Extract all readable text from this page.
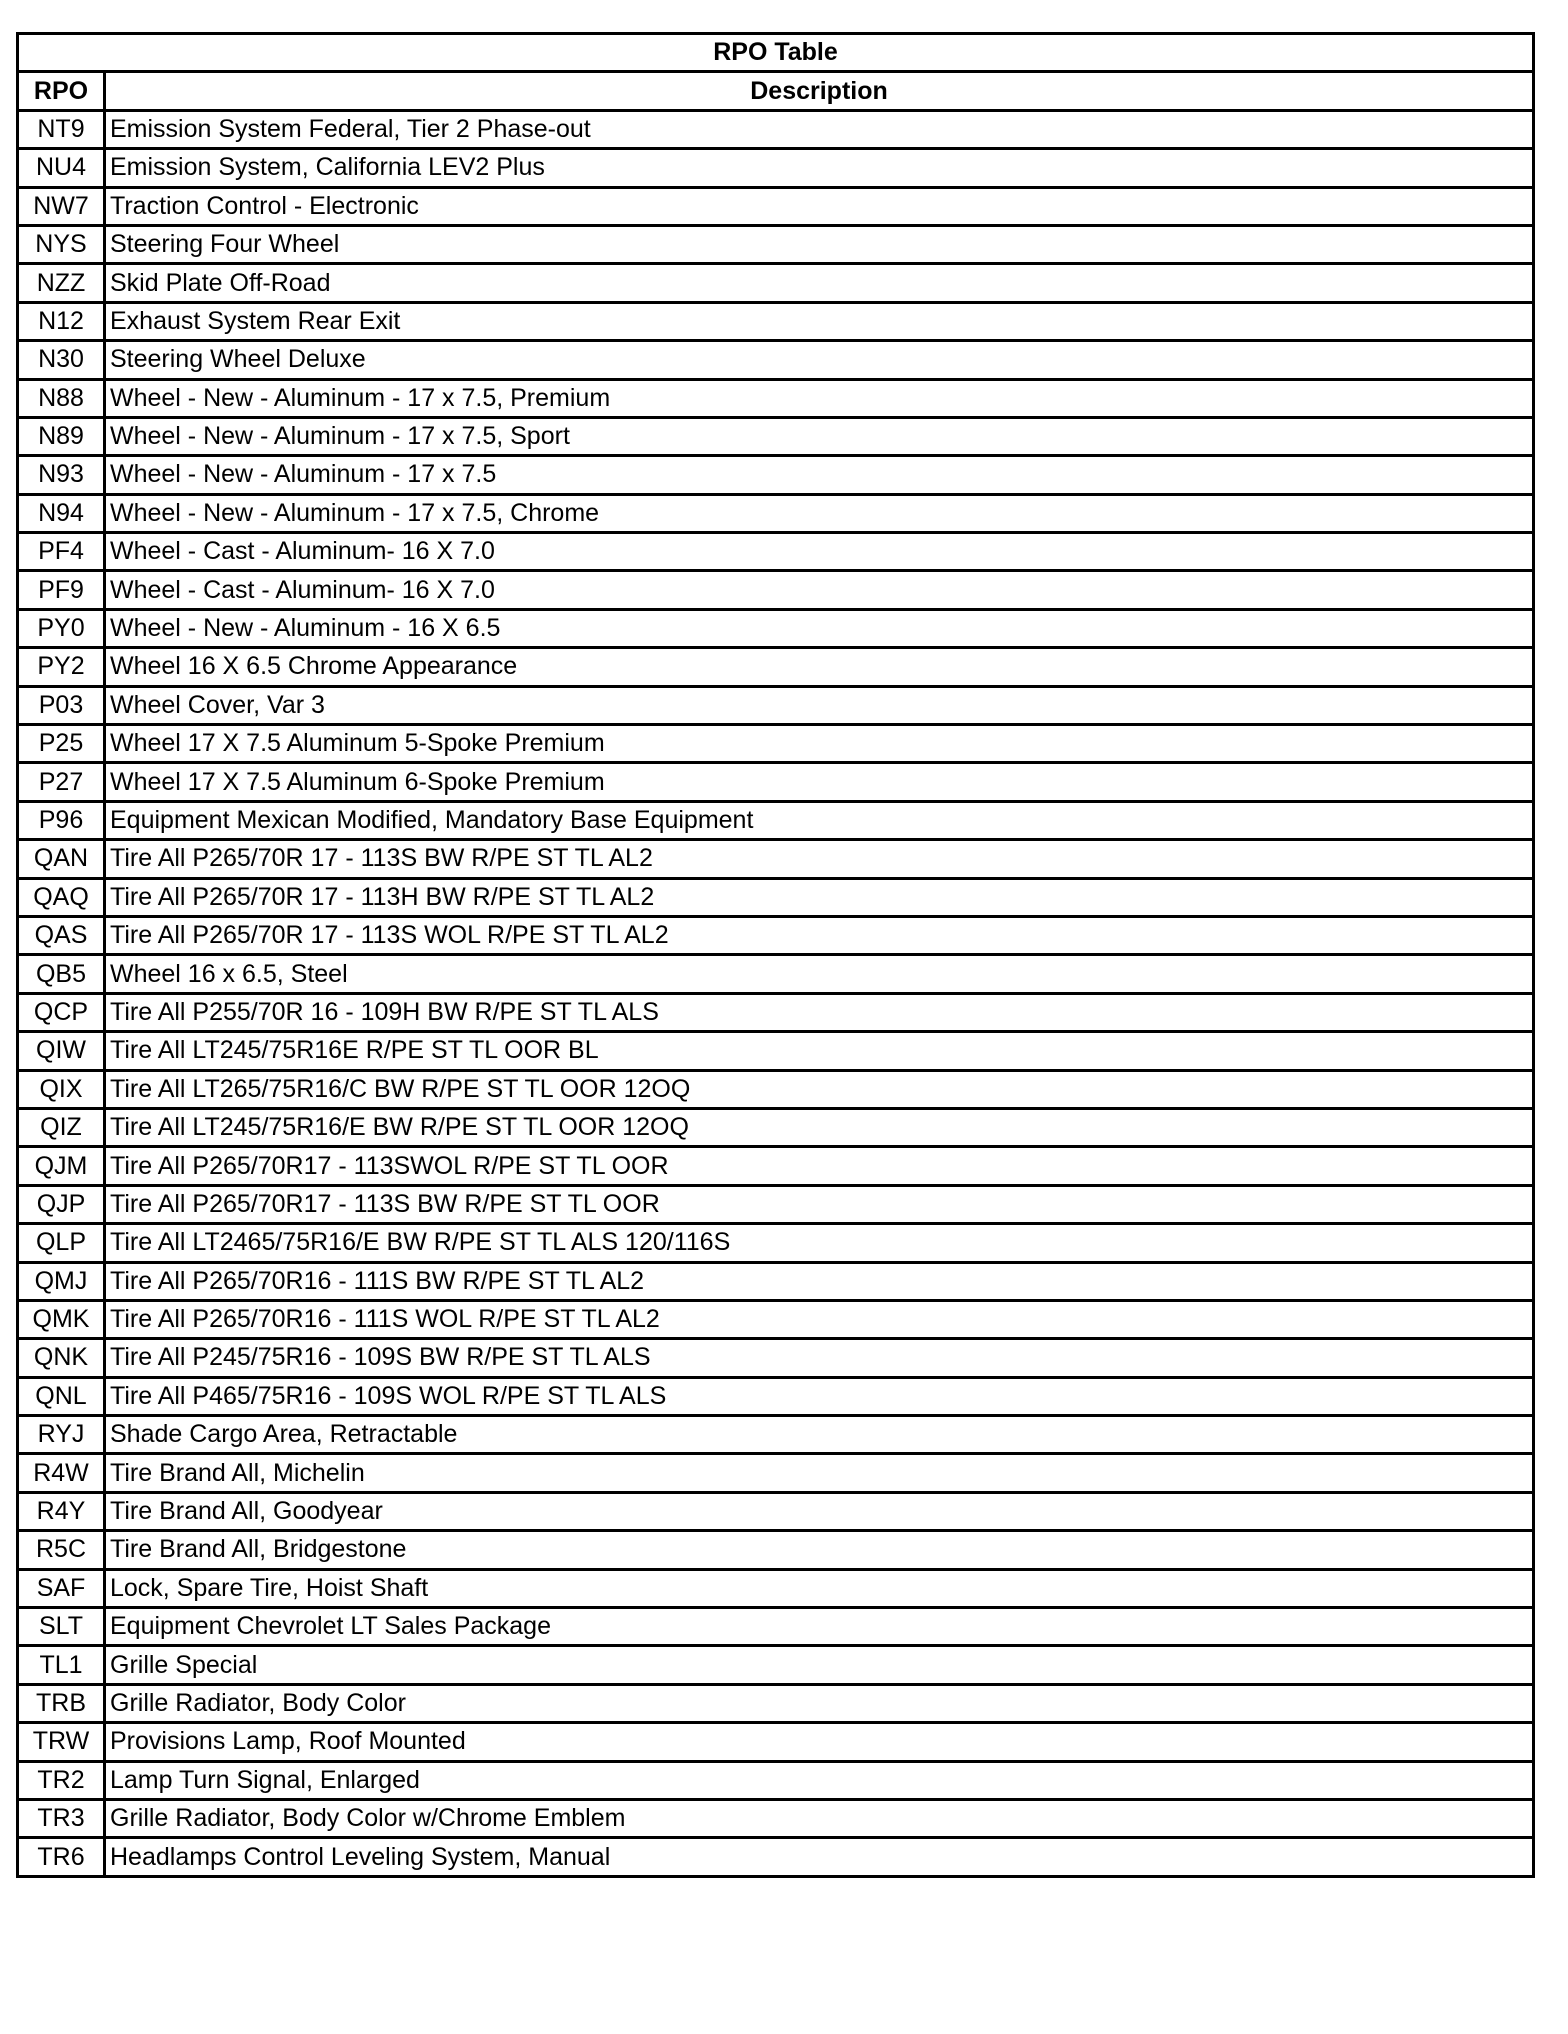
RPO Table	
RPO	Description
NT9	Emission System Federal, Tier 2 Phase-out
NU4	Emission System, California LEV2 Plus
NW7	Traction Control - Electronic
NYS	Steering Four Wheel
NZZ	Skid Plate Off-Road
N12	Exhaust System Rear Exit
N30	Steering Wheel Deluxe
N88	Wheel - New - Aluminum - 17 x 7.5, Premium
N89	Wheel - New - Aluminum - 17 x 7.5, Sport
N93	Wheel - New - Aluminum - 17 x 7.5
N94	Wheel - New - Aluminum - 17 x 7.5, Chrome
PF4	Wheel - Cast - Aluminum- 16 X 7.0
PF9	Wheel - Cast - Aluminum- 16 X 7.0
PY0	Wheel - New - Aluminum - 16 X 6.5
PY2	Wheel 16 X 6.5 Chrome Appearance
P03	Wheel Cover, Var 3
P25	Wheel 17 X 7.5 Aluminum 5-Spoke Premium
P27	Wheel 17 X 7.5 Aluminum 6-Spoke Premium
P96	Equipment Mexican Modified, Mandatory Base Equipment
QAN	Tire All P265/70R 17 - 113S BW R/PE ST TL AL2
QAQ	Tire All P265/70R 17 - 113H BW R/PE ST TL AL2
QAS	Tire All P265/70R 17 - 113S WOL R/PE ST TL AL2
QB5	Wheel 16 x 6.5, Steel
QCP	Tire All P255/70R 16 - 109H BW R/PE ST TL ALS
QIW	Tire All LT245/75R16E R/PE ST TL OOR BL
QIX	Tire All LT265/75R16/C BW R/PE ST TL OOR 12OQ
QIZ	Tire All LT245/75R16/E BW R/PE ST TL OOR 12OQ
QJM	Tire All P265/70R17 - 113SWOL R/PE ST TL OOR
QJP	Tire All P265/70R17 - 113S BW R/PE ST TL OOR
QLP	Tire All LT2465/75R16/E BW R/PE ST TL ALS 120/116S
QMJ	Tire All P265/70R16 - 111S BW R/PE ST TL AL2
QMK	Tire All P265/70R16 - 111S WOL R/PE ST TL AL2
QNK	Tire All P245/75R16 - 109S BW R/PE ST TL ALS
QNL	Tire All P465/75R16 - 109S WOL R/PE ST TL ALS
RYJ	Shade Cargo Area, Retractable
R4W	Tire Brand All, Michelin
R4Y	Tire Brand All, Goodyear
R5C	Tire Brand All, Bridgestone
SAF	Lock, Spare Tire, Hoist Shaft
SLT	Equipment Chevrolet LT Sales Package
TL1	Grille Special
TRB	Grille Radiator, Body Color
TRW	Provisions Lamp, Roof Mounted
TR2	Lamp Turn Signal, Enlarged
TR3	Grille Radiator, Body Color w/Chrome Emblem
TR6	Headlamps Control Leveling System, Manual
